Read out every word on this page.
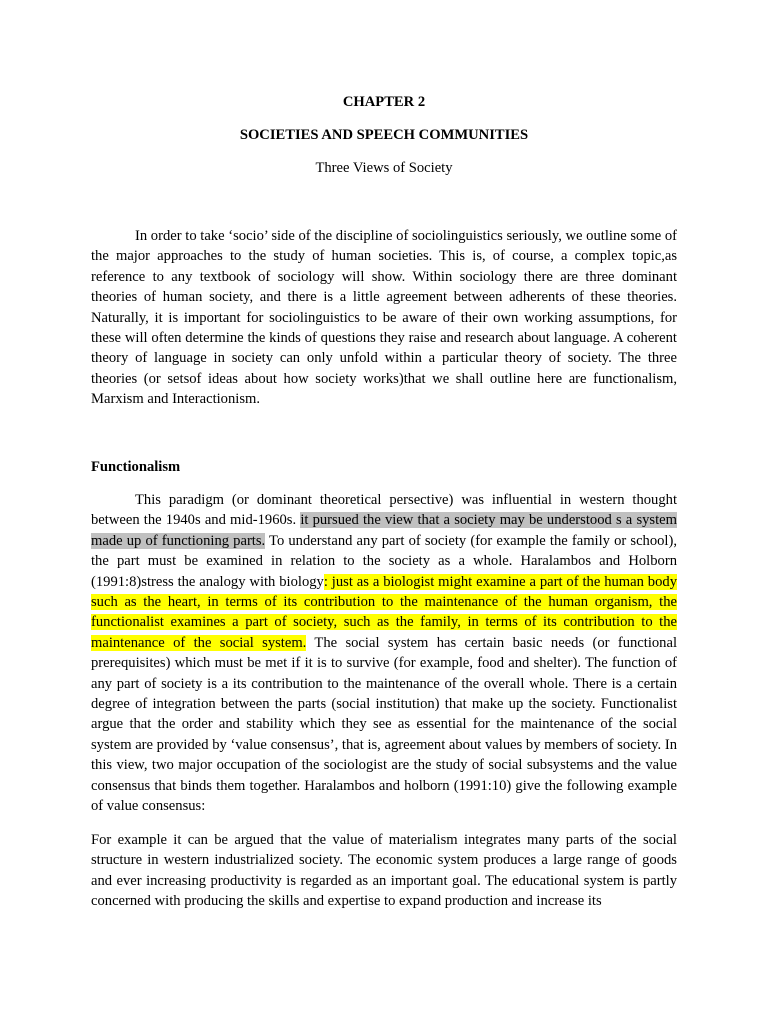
CHAPTER 2
SOCIETIES AND SPEECH COMMUNITIES
Three Views of Society
In order to take ‘socio’ side of the discipline of sociolinguistics seriously, we outline some of the major approaches to the study of human societies. This is, of course, a complex topic,as reference to any textbook of sociology will show. Within sociology there are three dominant theories of human society, and there is a little agreement between adherents of these theories. Naturally, it is important for sociolinguistics to be aware of their own working assumptions, for these will often determine the kinds of questions they raise and research about language. A coherent theory of language in society can only unfold within a particular theory of society. The three theories (or setsof ideas about how society works)that we shall outline here are functionalism, Marxism and Interactionism.
Functionalism
This paradigm (or dominant theoretical persective) was influential in western thought between the 1940s and mid-1960s. it pursued the view that a society may be understood s a system made up of functioning parts. To understand any part of society (for example the family or school), the part must be examined in relation to the society as a whole. Haralambos and Holborn (1991:8)stress the analogy with biology: just as a biologist might examine a part of the human body such as the heart, in terms of its contribution to the maintenance of the human organism, the functionalist examines a part of society, such as the family, in terms of its contribution to the maintenance of the social system. The social system has certain basic needs (or functional prerequisites) which must be met if it is to survive (for example, food and shelter). The function of any part of society is a its contribution to the maintenance of the overall whole. There is a certain degree of integration between the parts (social institution) that make up the society. Functionalist argue that the order and stability which they see as essential for the maintenance of the social system are provided by ‘value consensus’, that is, agreement about values by members of society. In this view, two major occupation of the sociologist are the study of social subsystems and the value consensus that binds them together. Haralambos and holborn (1991:10) give the following example of value consensus:
For example it can be argued that the value of materialism integrates many parts of the social structure in western industrialized society. The economic system produces a large range of goods and ever increasing productivity is regarded as an important goal. The educational system is partly concerned with producing the skills and expertise to expand production and increase its
